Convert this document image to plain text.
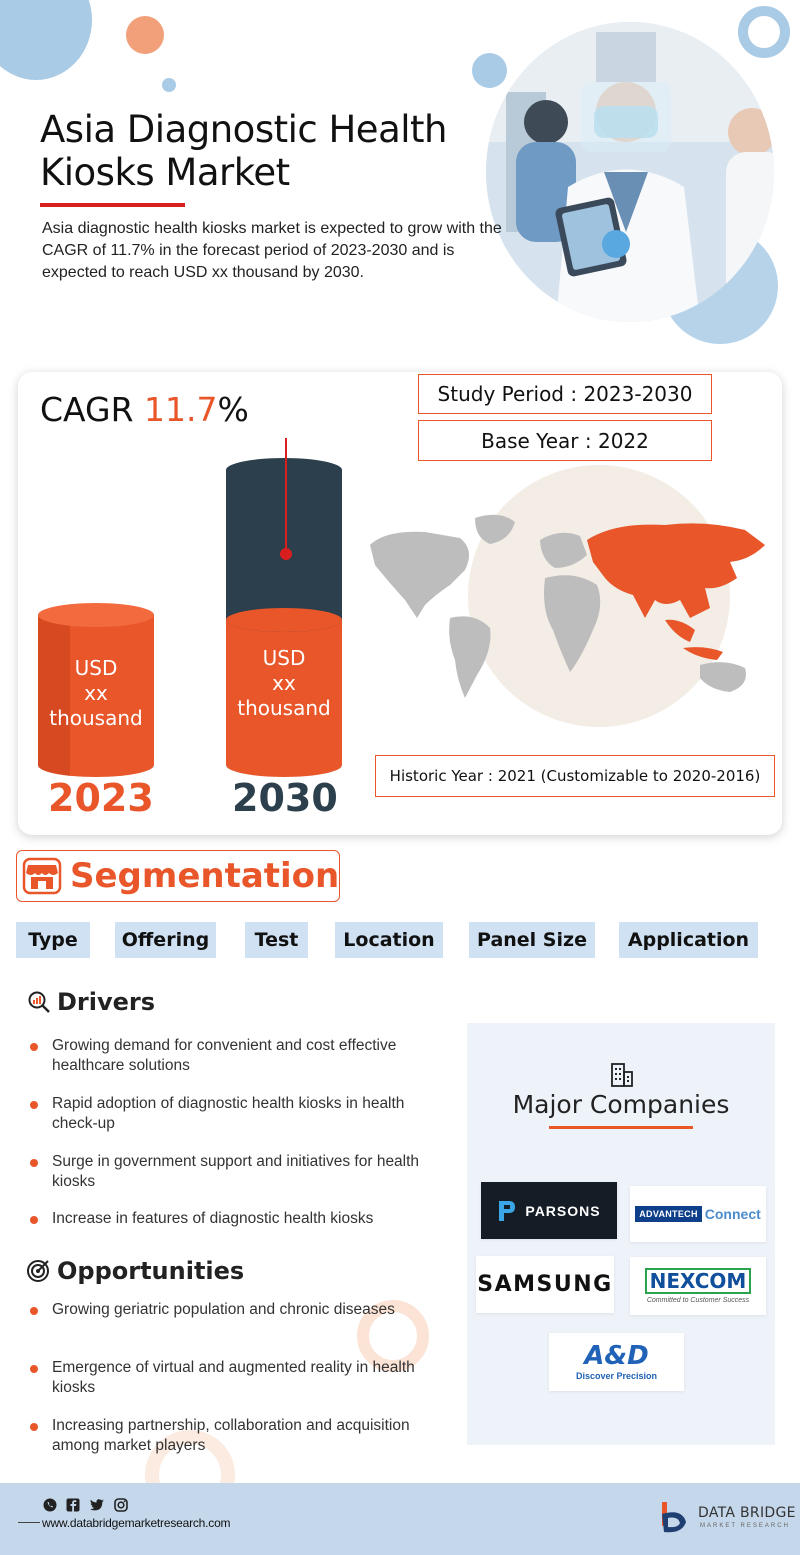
Asia Diagnostic Health Kiosks Market
Asia diagnostic health kiosks market is expected to grow with the CAGR of 11.7% in the forecast period of 2023-2030 and is expected to reach USD xx thousand by 2030.
CAGR 11.7%	Study Period : 2023-2030
Base Year : 2022
USD
xx
thousand
USD
xx
thousand
2023 2030	Historic Year : 2021 (Customizable to 2020-2016)
Segmentation
Type	Offering	Test	Location	Panel Size	Application
Drivers
Growing demand for convenient and cost effective healthcare solutions
Rapid adoption of diagnostic health kiosks in health check-up
Surge in government support and initiatives for health kiosks
Increase in features of diagnostic health kiosks
Opportunities
Growing geriatric population and chronic diseases
Emergence of virtual and augmented reality in health kiosks
Increasing partnership, collaboration and acquisition among market players
Major Companies
PARSONS	ADVANTECH Connect
SAMSUNG NEXCOM
Committed to Customer Success
A&D
Discover Precision
www.databridgemarketresearch.com
DATA BRIDGE
MARKET RESEARCH
